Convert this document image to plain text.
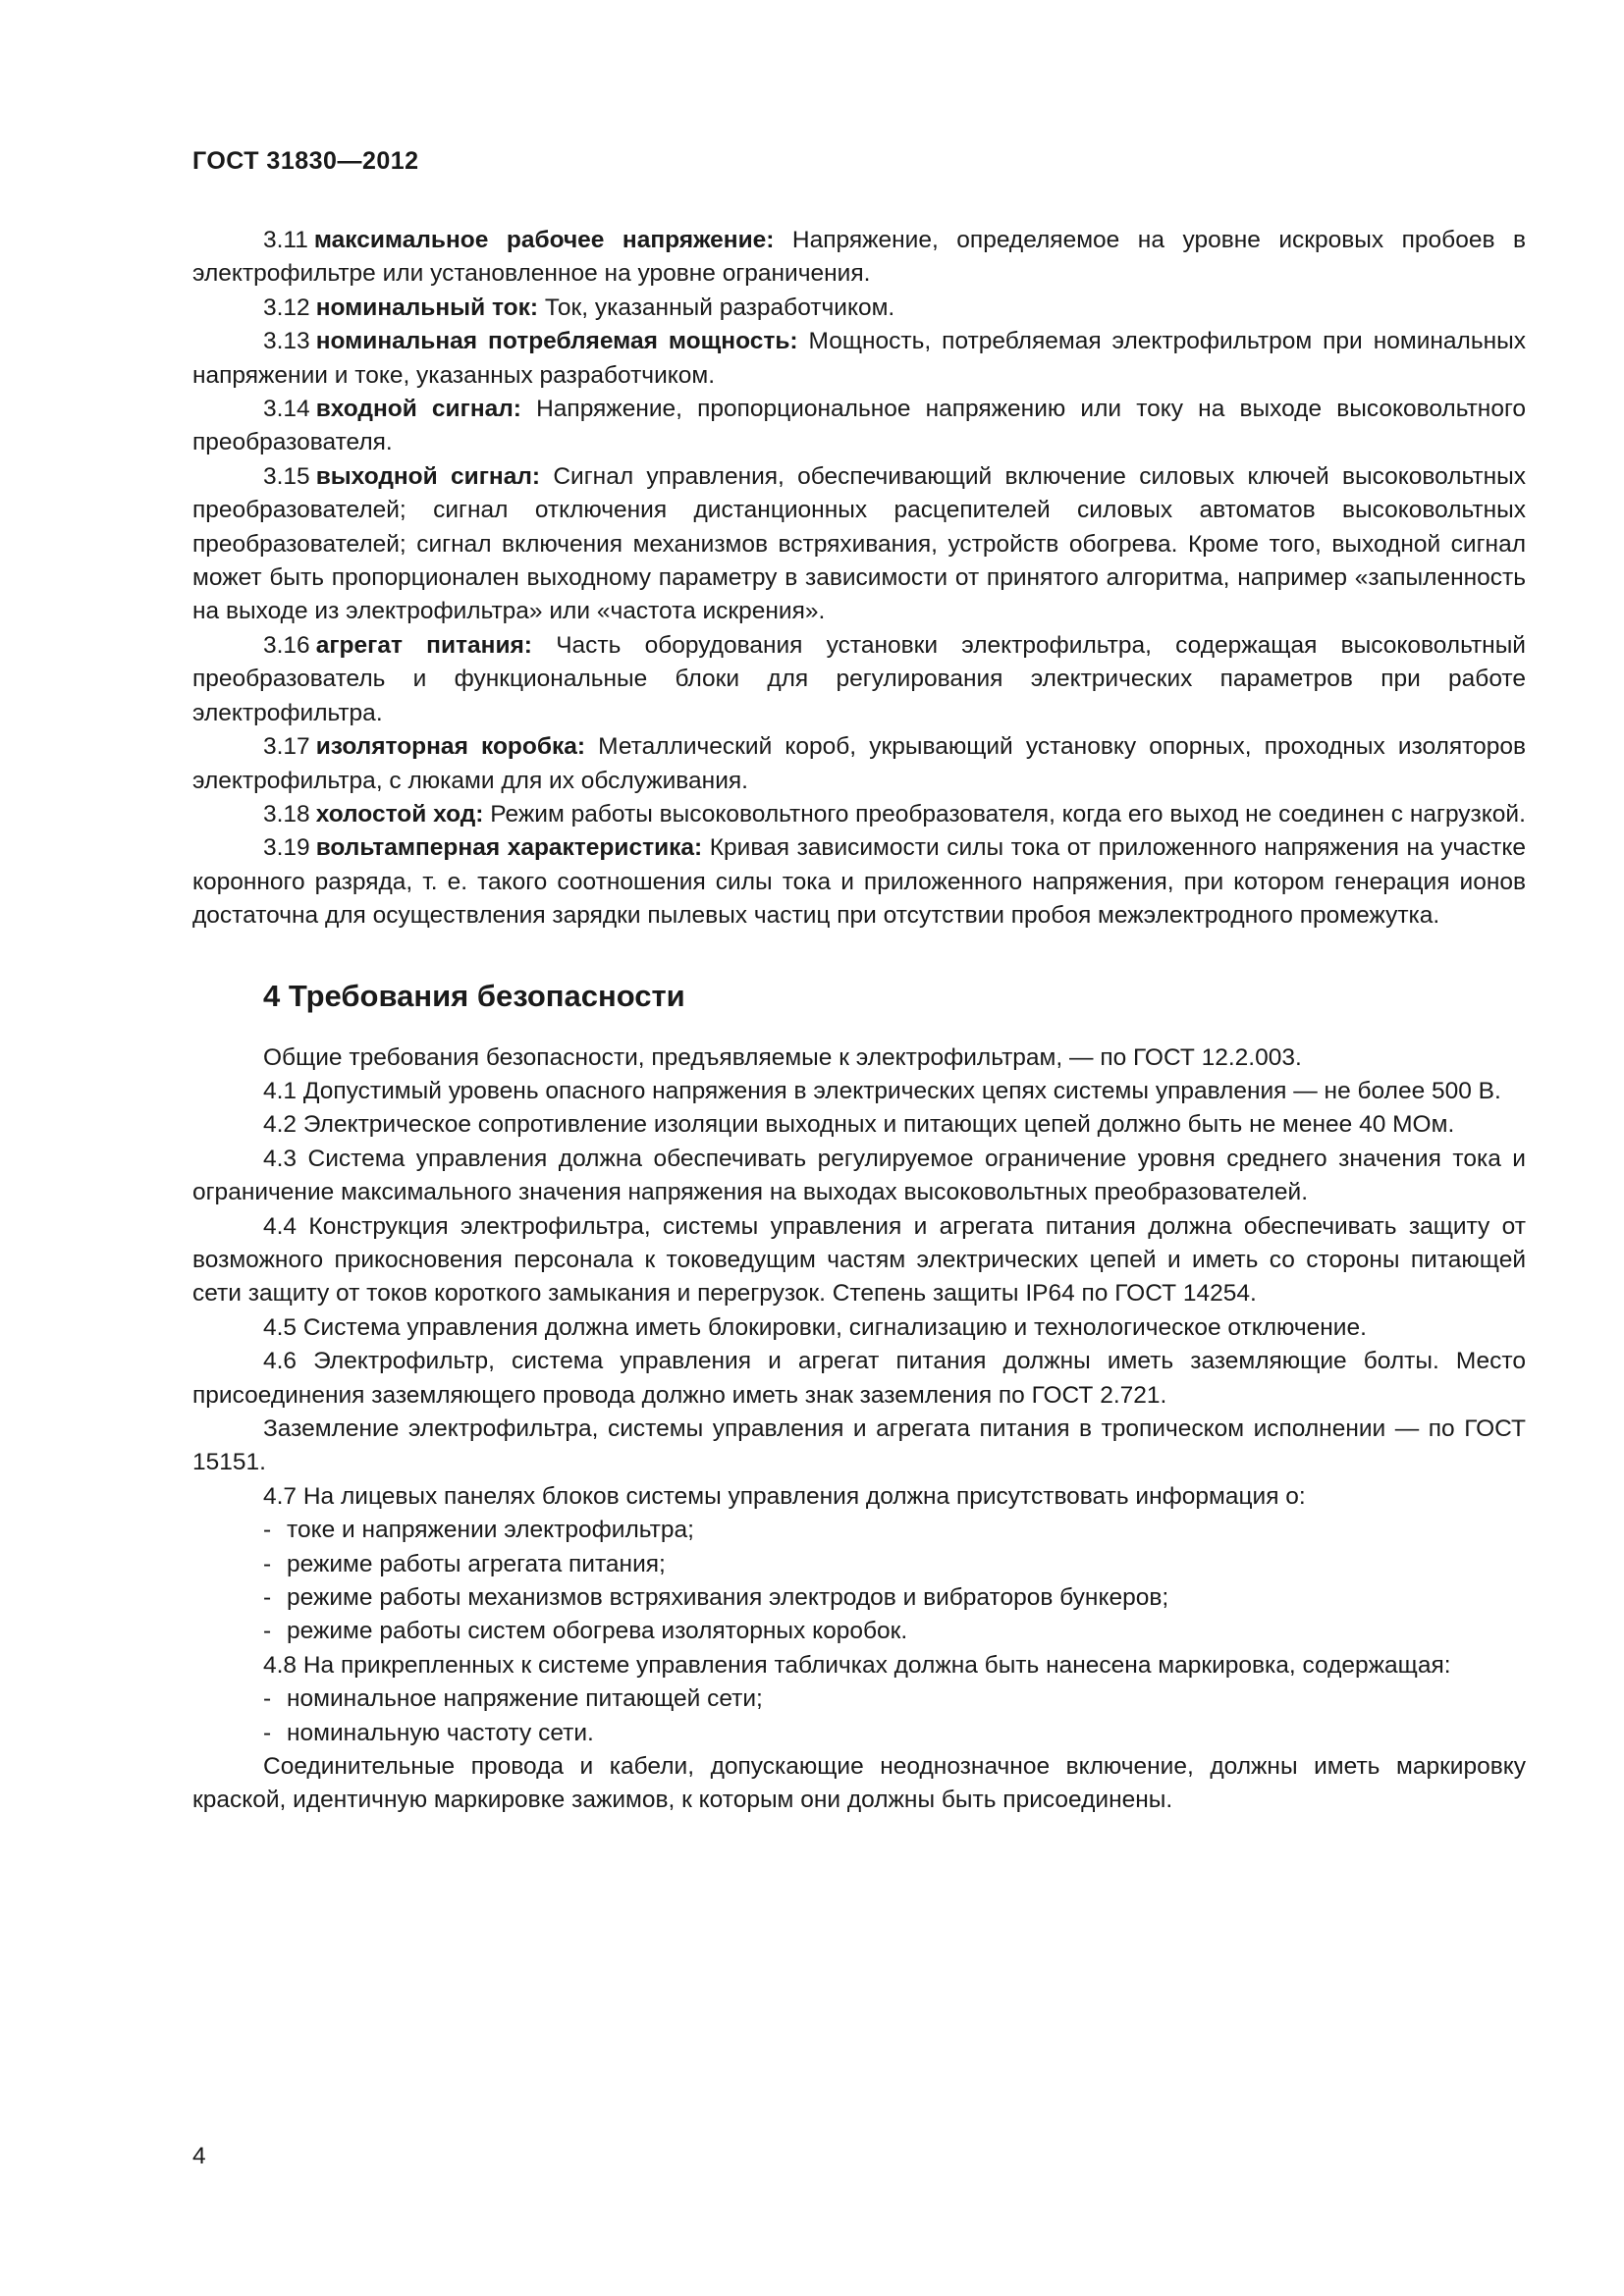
ГОСТ 31830—2012

3.11 максимальное рабочее напряжение: Напряжение, определяемое на уровне искровых пробоев в электрофильтре или установленное на уровне ограничения.

3.12 номинальный ток: Ток, указанный разработчиком.

3.13 номинальная потребляемая мощность: Мощность, потребляемая электрофильтром при номинальных напряжении и токе, указанных разработчиком.

3.14 входной сигнал: Напряжение, пропорциональное напряжению или току на выходе высоковольтного преобразователя.

3.15 выходной сигнал: Сигнал управления, обеспечивающий включение силовых ключей высоковольтных преобразователей; сигнал отключения дистанционных расцепителей силовых автоматов высоковольтных преобразователей; сигнал включения механизмов встряхивания, устройств обогрева. Кроме того, выходной сигнал может быть пропорционален выходному параметру в зависимости от принятого алгоритма, например «запыленность на выходе из электрофильтра» или «частота искрения».

3.16 агрегат питания: Часть оборудования установки электрофильтра, содержащая высоковольтный преобразователь и функциональные блоки для регулирования электрических параметров при работе электрофильтра.

3.17 изоляторная коробка: Металлический короб, укрывающий установку опорных, проходных изоляторов электрофильтра, с люками для их обслуживания.

3.18 холостой ход: Режим работы высоковольтного преобразователя, когда его выход не соединен с нагрузкой.

3.19 вольтамперная характеристика: Кривая зависимости силы тока от приложенного напряжения на участке коронного разряда, т. е. такого соотношения силы тока и приложенного напряжения, при котором генерация ионов достаточна для осуществления зарядки пылевых частиц при отсутствии пробоя межэлектродного промежутка.

4 Требования безопасности

Общие требования безопасности, предъявляемые к электрофильтрам, — по ГОСТ 12.2.003.

4.1 Допустимый уровень опасного напряжения в электрических цепях системы управления — не более 500 В.

4.2 Электрическое сопротивление изоляции выходных и питающих цепей должно быть не менее 40 МОм.

4.3 Система управления должна обеспечивать регулируемое ограничение уровня среднего значения тока и ограничение максимального значения напряжения на выходах высоковольтных преобразователей.

4.4 Конструкция электрофильтра, системы управления и агрегата питания должна обеспечивать защиту от возможного прикосновения персонала к токоведущим частям электрических цепей и иметь со стороны питающей сети защиту от токов короткого замыкания и перегрузок. Степень защиты IP64 по ГОСТ 14254.

4.5 Система управления должна иметь блокировки, сигнализацию и технологическое отключение.

4.6 Электрофильтр, система управления и агрегат питания должны иметь заземляющие болты. Место присоединения заземляющего провода должно иметь знак заземления по ГОСТ 2.721.

Заземление электрофильтра, системы управления и агрегата питания в тропическом исполнении — по ГОСТ 15151.

4.7 На лицевых панелях блоков системы управления должна присутствовать информация о:

- токе и напряжении электрофильтра;

- режиме работы агрегата питания;

- режиме работы механизмов встряхивания электродов и вибраторов бункеров;

- режиме работы систем обогрева изоляторных коробок.

4.8 На прикрепленных к системе управления табличках должна быть нанесена маркировка, содержащая:

- номинальное напряжение питающей сети;

- номинальную частоту сети.

Соединительные провода и кабели, допускающие неоднозначное включение, должны иметь маркировку краской, идентичную маркировке зажимов, к которым они должны быть присоединены.

4
